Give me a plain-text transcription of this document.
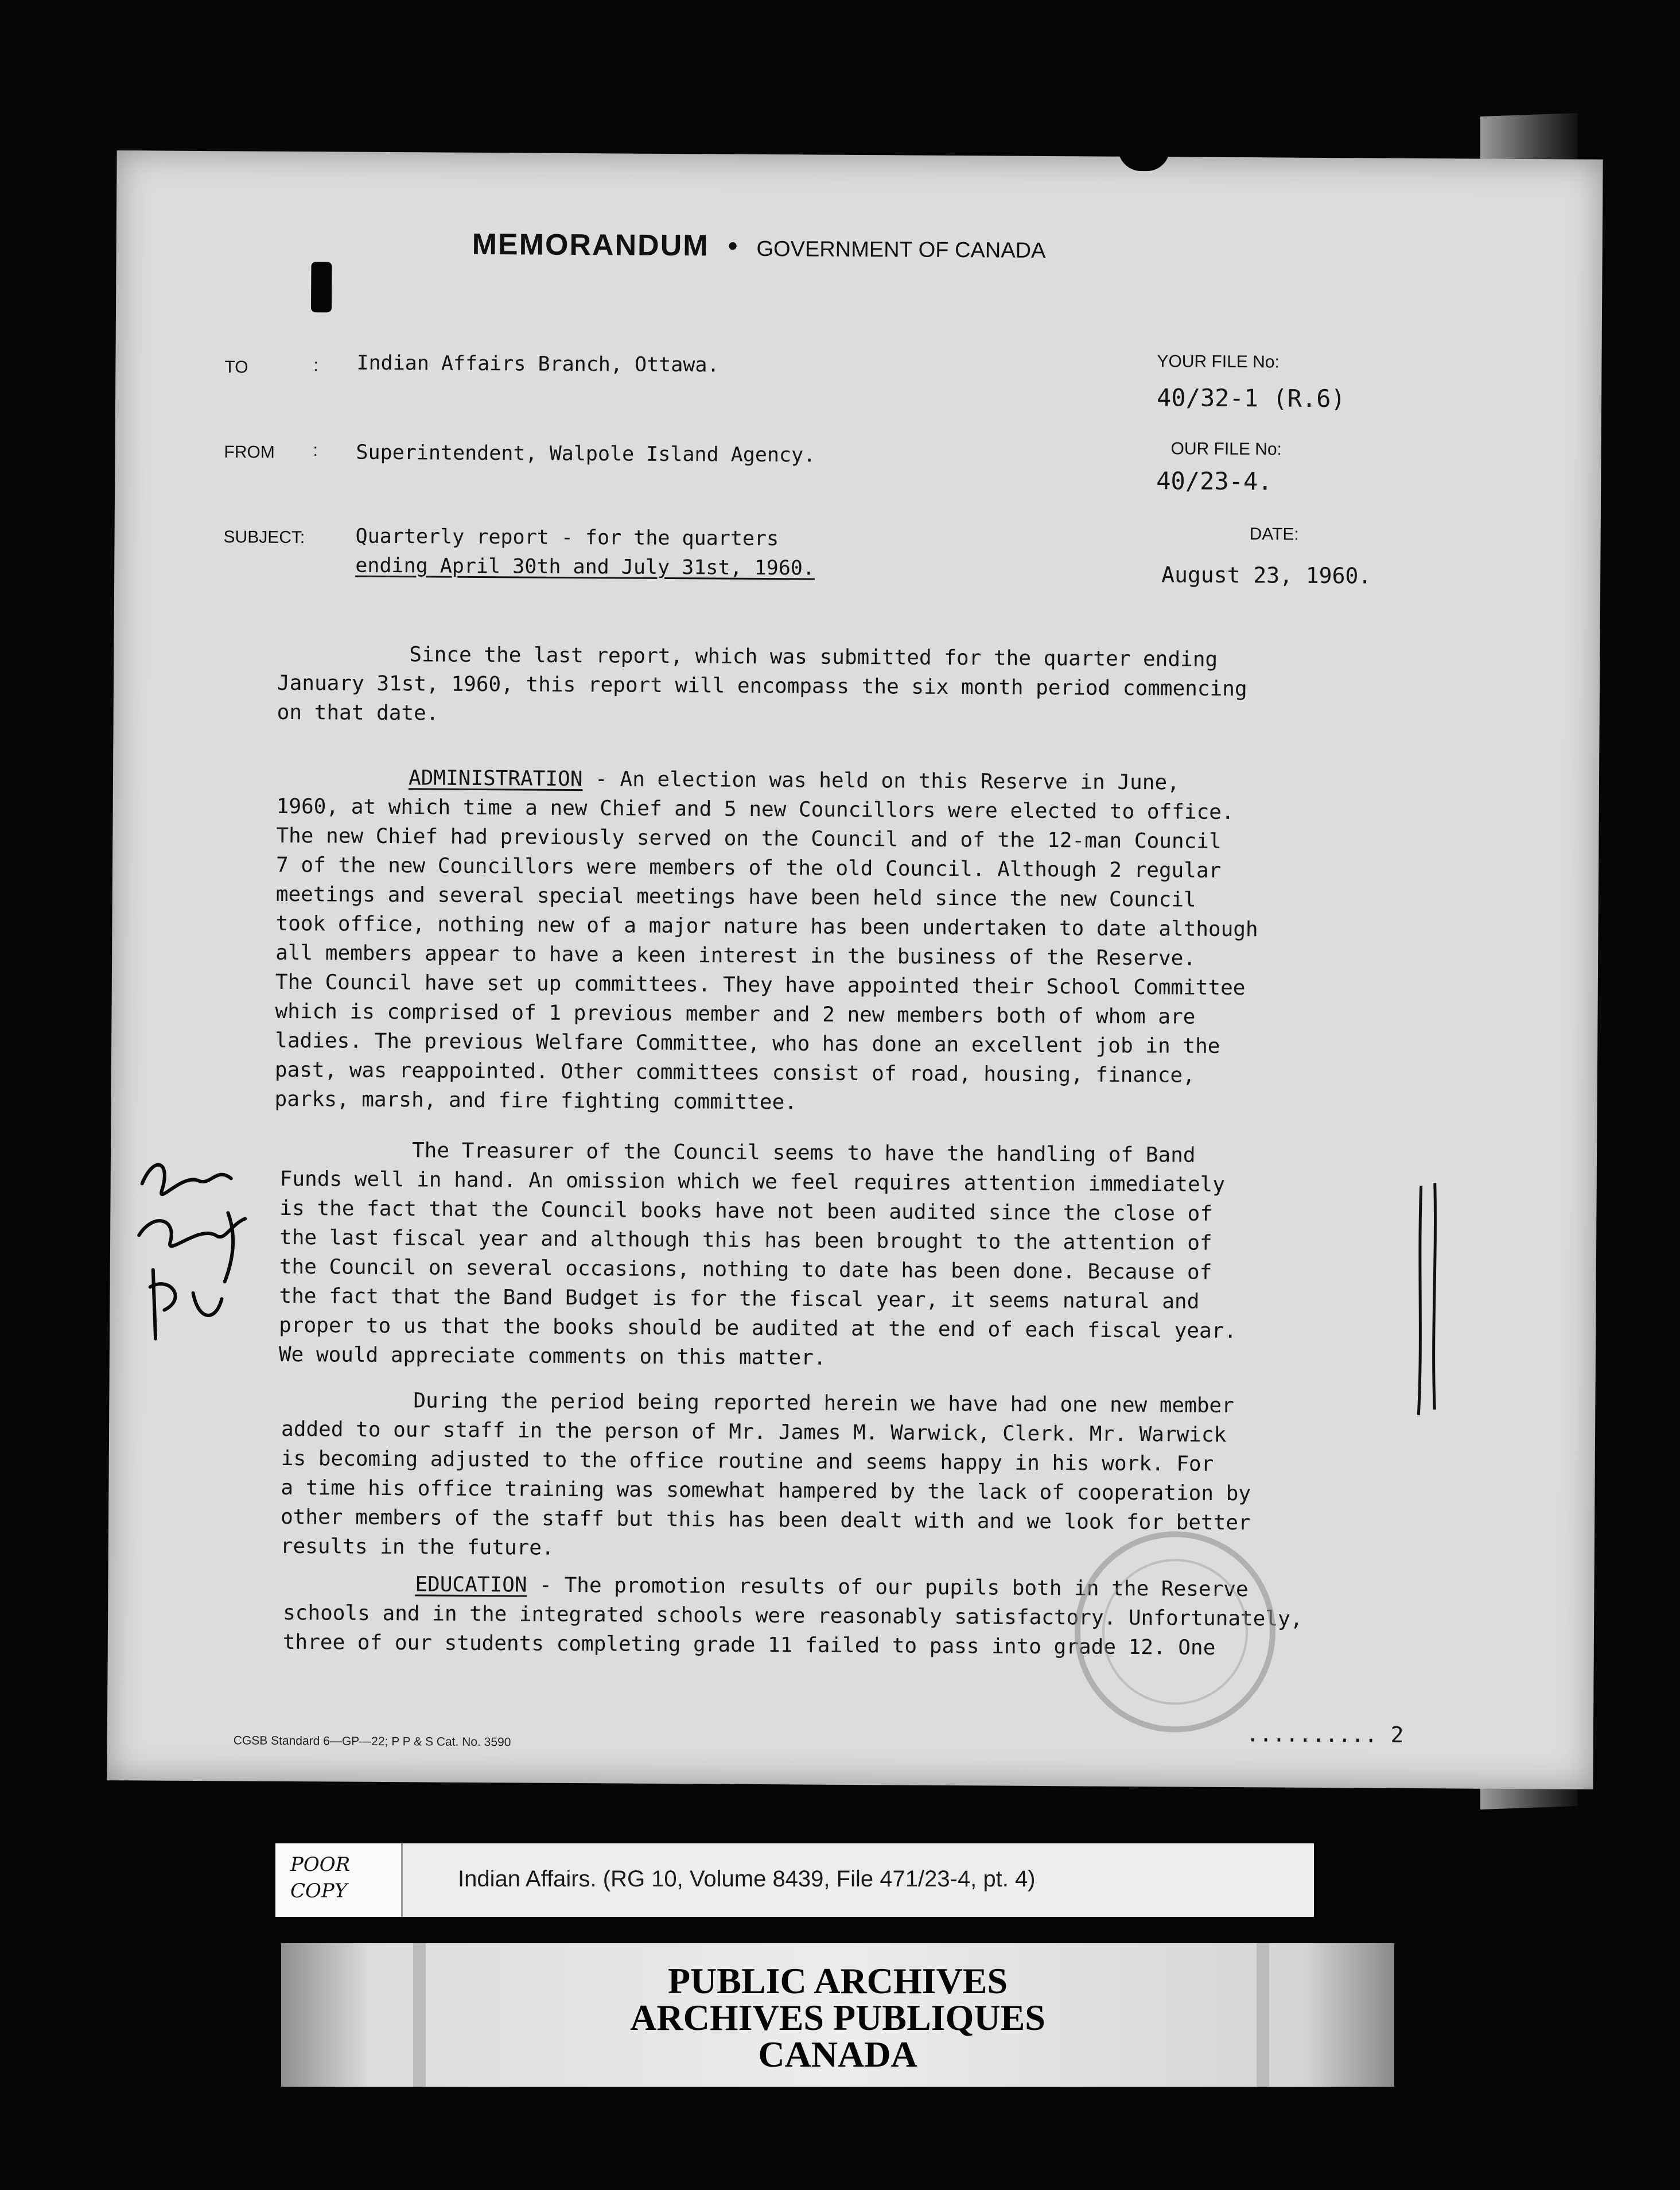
MEMORANDUM • GOVERNMENT OF CANADA
TO	: Indian Affairs Branch, Ottawa.
FROM : Superintendent, Walpole Island Agency.
SUBJECT:	Quarterly report - for the quarters
ending April 30th and July 31st, 1960.
YOUR FILE No:
40/32-1 (R.6)
OUR FILE No:
40/23-4.
DATE:
August 23, 1960.

Since the last report, which was submitted for the quarter ending
January 31st, 1960, this report will encompass the six month period commencing
on that date.

ADMINISTRATION - An election was held on this Reserve in June,
1960, at which time a new Chief and 5 new Councillors were elected to office.
The new Chief had previously served on the Council and of the 12-man Council
7 of the new Councillors were members of the old Council. Although 2 regular
meetings and several special meetings have been held since the new Council
took office, nothing new of a major nature has been undertaken to date although
all members appear to have a keen interest in the business of the Reserve.
The Council have set up committees. They have appointed their School Committee
which is comprised of 1 previous member and 2 new members both of whom are
ladies. The previous Welfare Committee, who has done an excellent job in the
past, was reappointed. Other committees consist of road, housing, finance,
parks, marsh, and fire fighting committee.

The Treasurer of the Council seems to have the handling of Band
Funds well in hand. An omission which we feel requires attention immediately
is the fact that the Council books have not been audited since the close of
the last fiscal year and although this has been brought to the attention of
the Council on several occasions, nothing to date has been done. Because of
the fact that the Band Budget is for the fiscal year, it seems natural and
proper to us that the books should be audited at the end of each fiscal year.
We would appreciate comments on this matter.

During the period being reported herein we have had one new member
added to our staff in the person of Mr. James M. Warwick, Clerk. Mr. Warwick
is becoming adjusted to the office routine and seems happy in his work. For
a time his office training was somewhat hampered by the lack of cooperation by
other members of the staff but this has been dealt with and we look for better
results in the future.

EDUCATION - The promotion results of our pupils both in the Reserve
schools and in the integrated schools were reasonably satisfactory. Unfortunately,
three of our students completing grade 11 failed to pass into grade 12. One

CGSB Standard 6—GP—22; P P & S Cat. No. 3590	.......... 2
POOR
COPY	Indian Affairs. (RG 10, Volume 8439, File 471/23-4, pt. 4)
PUBLIC ARCHIVES
ARCHIVES PUBLIQUES
CANADA
